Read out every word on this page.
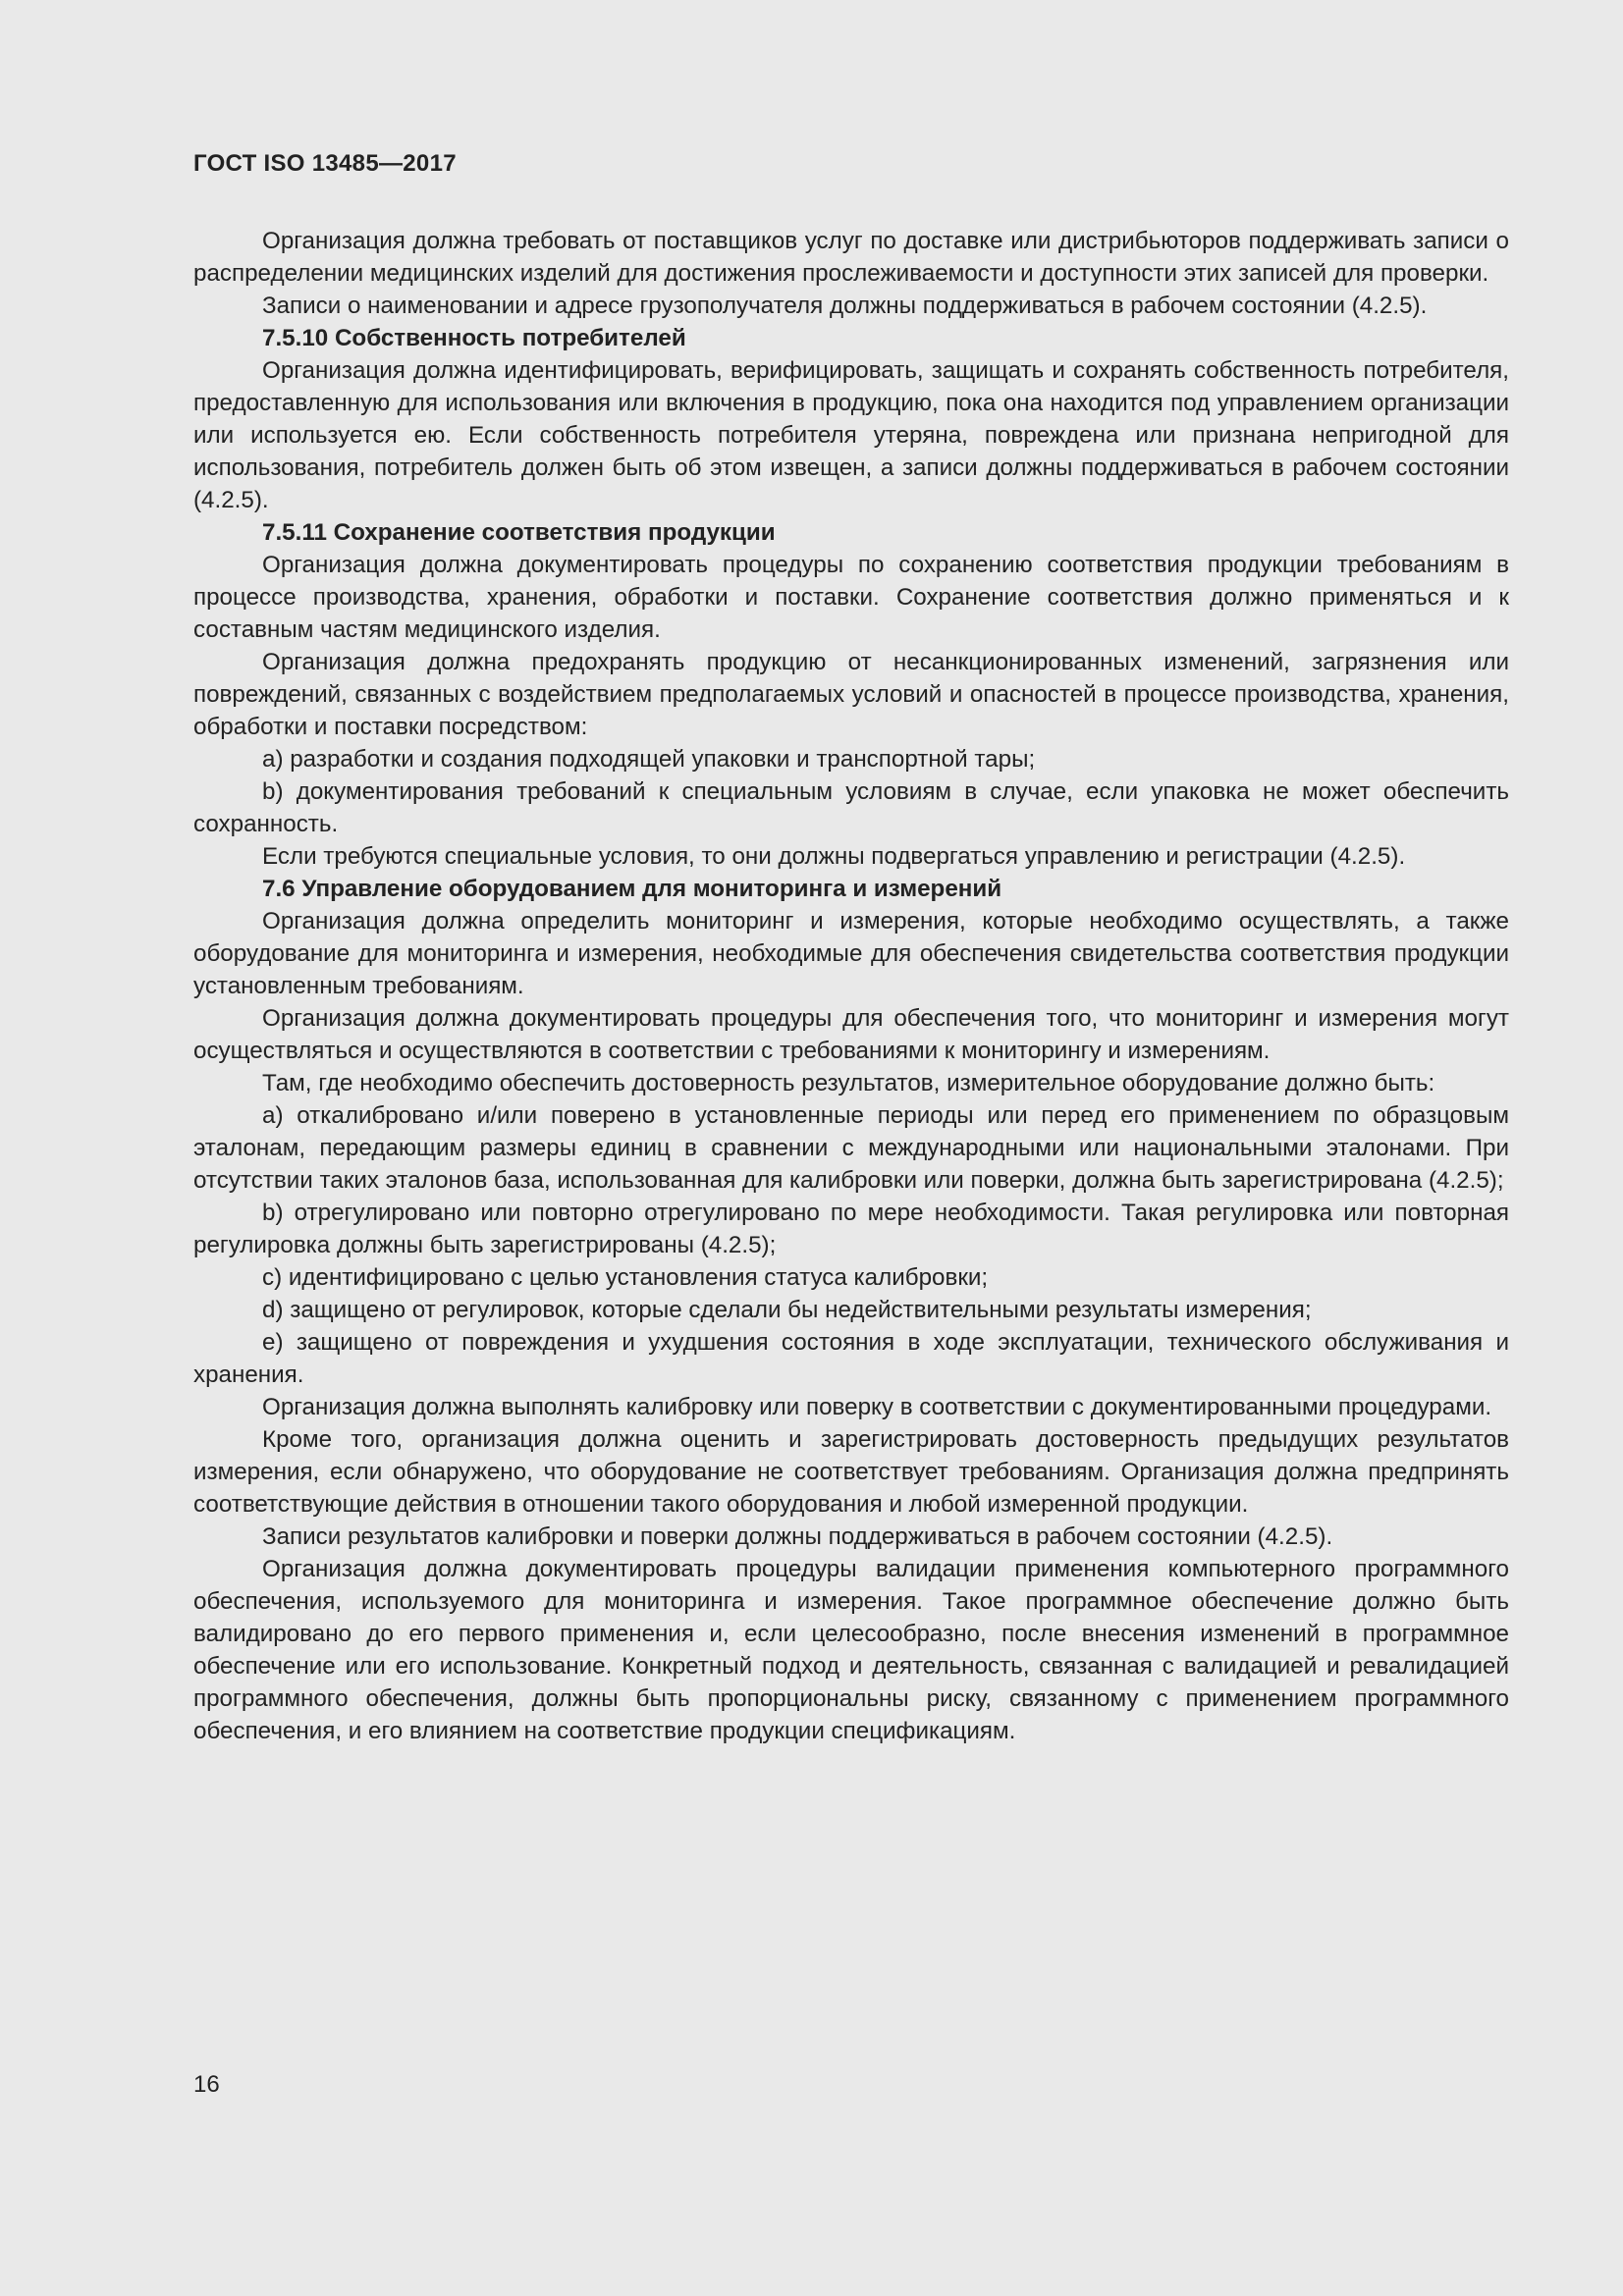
ГОСТ ISO 13485—2017

Организация должна требовать от поставщиков услуг по доставке или дистрибьюторов поддерживать записи о распределении медицинских изделий для достижения прослеживаемости и доступности этих записей для проверки.

Записи о наименовании и адресе грузополучателя должны поддерживаться в рабочем состоянии (4.2.5).

7.5.10 Собственность потребителей

Организация должна идентифицировать, верифицировать, защищать и сохранять собственность потребителя, предоставленную для использования или включения в продукцию, пока она находится под управлением организации или используется ею. Если собственность потребителя утеряна, повреждена или признана непригодной для использования, потребитель должен быть об этом извещен, а записи должны поддерживаться в рабочем состоянии (4.2.5).

7.5.11 Сохранение соответствия продукции

Организация должна документировать процедуры по сохранению соответствия продукции требованиям в процессе производства, хранения, обработки и поставки. Сохранение соответствия должно применяться и к составным частям медицинского изделия.

Организация должна предохранять продукцию от несанкционированных изменений, загрязнения или повреждений, связанных с воздействием предполагаемых условий и опасностей в процессе производства, хранения, обработки и поставки посредством:

a) разработки и создания подходящей упаковки и транспортной тары;

b) документирования требований к специальным условиям в случае, если упаковка не может обеспечить сохранность.

Если требуются специальные условия, то они должны подвергаться управлению и регистрации (4.2.5).

7.6 Управление оборудованием для мониторинга и измерений

Организация должна определить мониторинг и измерения, которые необходимо осуществлять, а также оборудование для мониторинга и измерения, необходимые для обеспечения свидетельства соответствия продукции установленным требованиям.

Организация должна документировать процедуры для обеспечения того, что мониторинг и измерения могут осуществляться и осуществляются в соответствии с требованиями к мониторингу и измерениям.

Там, где необходимо обеспечить достоверность результатов, измерительное оборудование должно быть:

a) откалибровано и/или поверено в установленные периоды или перед его применением по образцовым эталонам, передающим размеры единиц в сравнении с международными или национальными эталонами. При отсутствии таких эталонов база, использованная для калибровки или поверки, должна быть зарегистрирована (4.2.5);

b) отрегулировано или повторно отрегулировано по мере необходимости. Такая регулировка или повторная регулировка должны быть зарегистрированы (4.2.5);

c) идентифицировано с целью установления статуса калибровки;

d) защищено от регулировок, которые сделали бы недействительными результаты измерения;

e) защищено от повреждения и ухудшения состояния в ходе эксплуатации, технического обслуживания и хранения.

Организация должна выполнять калибровку или поверку в соответствии с документированными процедурами.

Кроме того, организация должна оценить и зарегистрировать достоверность предыдущих результатов измерения, если обнаружено, что оборудование не соответствует требованиям. Организация должна предпринять соответствующие действия в отношении такого оборудования и любой измеренной продукции.

Записи результатов калибровки и поверки должны поддерживаться в рабочем состоянии (4.2.5).

Организация должна документировать процедуры валидации применения компьютерного программного обеспечения, используемого для мониторинга и измерения. Такое программное обеспечение должно быть валидировано до его первого применения и, если целесообразно, после внесения изменений в программное обеспечение или его использование. Конкретный подход и деятельность, связанная с валидацией и ревалидацией программного обеспечения, должны быть пропорциональны риску, связанному с применением программного обеспечения, и его влиянием на соответствие продукции спецификациям.

16
